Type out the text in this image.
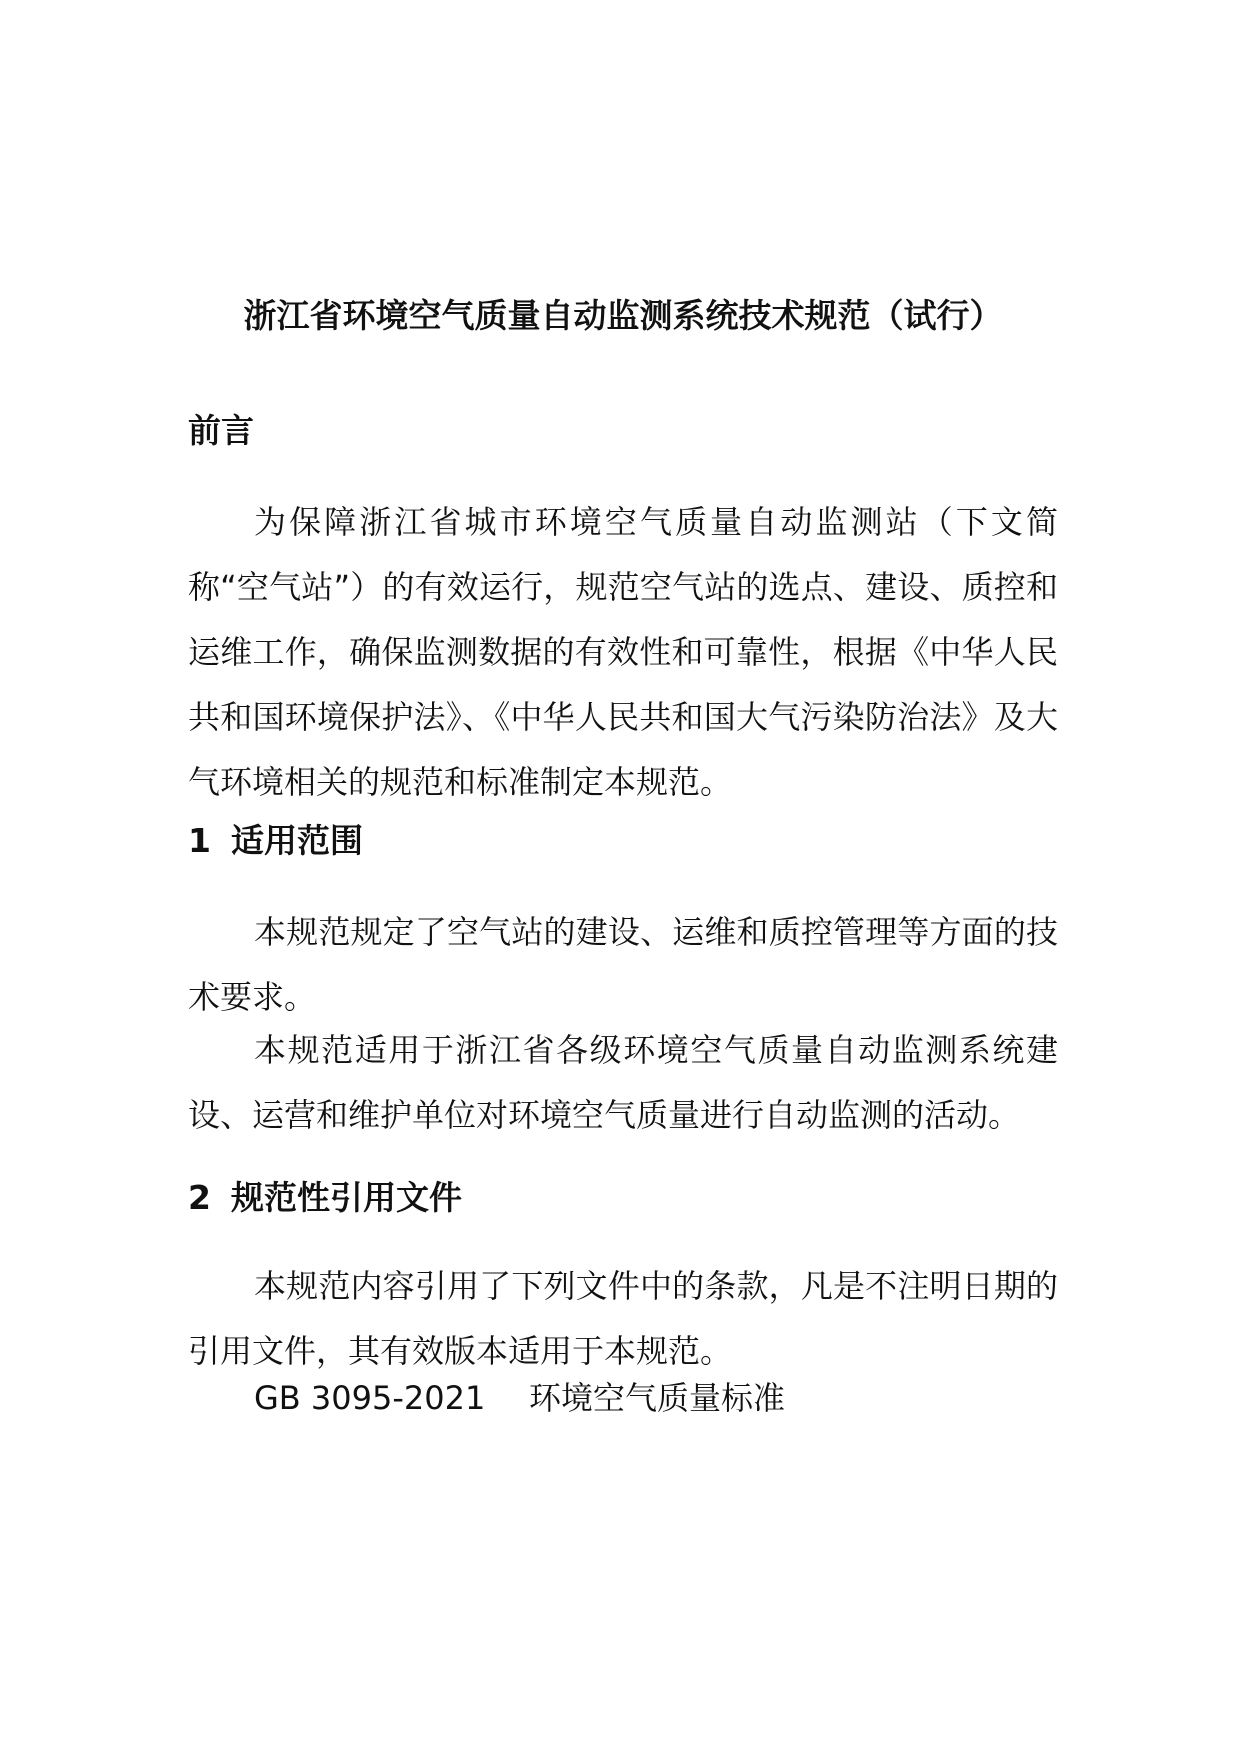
浙江省环境空气质量自动监测系统技术规范（试行）
前言

为保障浙江省城市环境空气质量自动监测站（下文简称“空气站”）的有效运行，规范空气站的选点、建设、质控和运维工作，确保监测数据的有效性和可靠性，根据《中华人民共和国环境保护法》、《中华人民共和国大气污染防治法》及大气环境相关的规范和标准制定本规范。

1 适用范围

本规范规定了空气站的建设、运维和质控管理等方面的技术要求。

本规范适用于浙江省各级环境空气质量自动监测系统建设、运营和维护单位对环境空气质量进行自动监测的活动。

2 规范性引用文件

本规范内容引用了下列文件中的条款，凡是不注明日期的引用文件，其有效版本适用于本规范。

GB 3095-2021 环境空气质量标准
